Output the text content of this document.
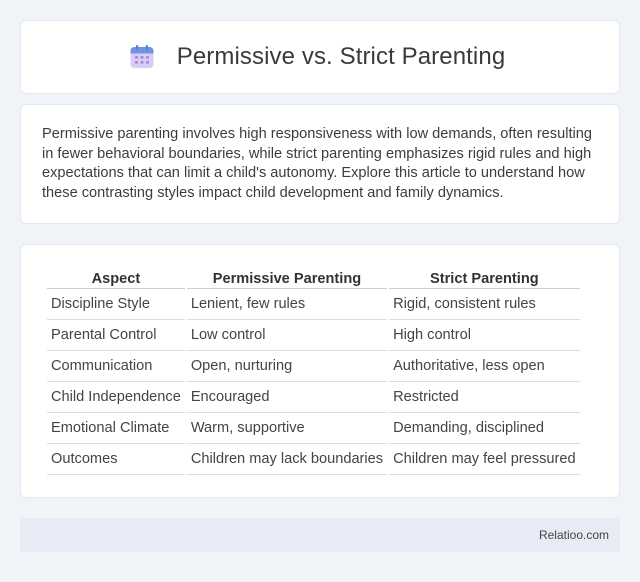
Permissive vs. Strict Parenting

Permissive parenting involves high responsiveness with low demands, often resulting in fewer behavioral boundaries, while strict parenting emphasizes rigid rules and high expectations that can limit a child's autonomy. Explore this article to understand how these contrasting styles impact child development and family dynamics.

Aspect	Permissive Parenting	Strict Parenting
Discipline Style	Lenient, few rules	Rigid, consistent rules
Parental Control	Low control	High control
Communication	Open, nurturing	Authoritative, less open
Child Independence	Encouraged	Restricted
Emotional Climate	Warm, supportive	Demanding, disciplined
Outcomes	Children may lack boundaries	Children may feel pressured
Relatioo.com
